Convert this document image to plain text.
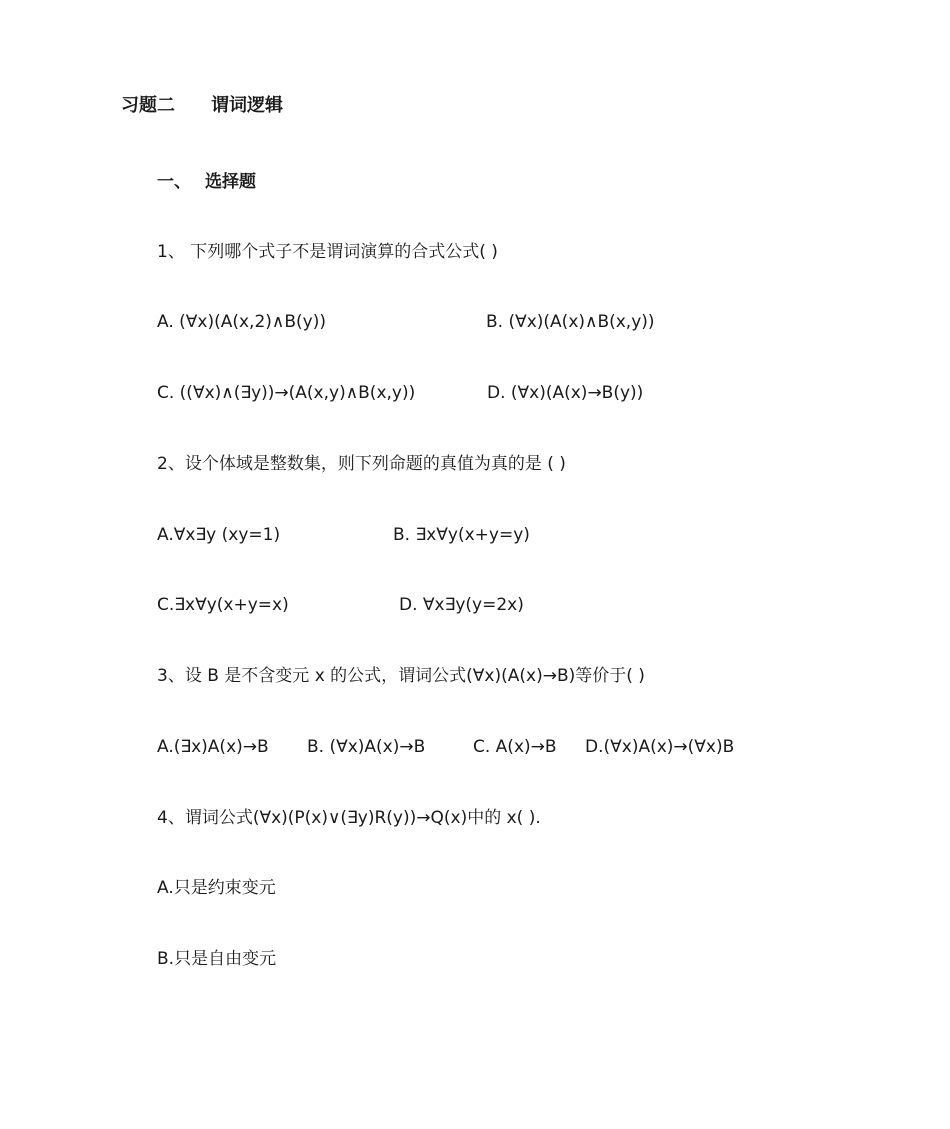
习题二 谓词逻辑
一、 选择题
1、 下列哪个式子不是谓词演算的合式公式( )
A. (∀x)(A(x,2)∧B(y))	B. (∀x)(A(x)∧B(x,y))
C. ((∀x)∧(∃y))→(A(x,y)∧B(x,y))	D. (∀x)(A(x)→B(y))
2、设个体域是整数集，则下列命题的真值为真的是 ( )
A.∀x∃y (xy=1)	B. ∃x∀y(x+y=y)
C.∃x∀y(x+y=x)	D. ∀x∃y(y=2x)
3、设 B 是不含变元 x 的公式，谓词公式(∀x)(A(x)→B)等价于( )
A.(∃x)A(x)→B B. (∀x)A(x)→B	C. A(x)→B D.(∀x)A(x)→(∀x)B
4、谓词公式(∀x)(P(x)∨(∃y)R(y))→Q(x)中的 x( ).
A.只是约束变元
B.只是自由变元
